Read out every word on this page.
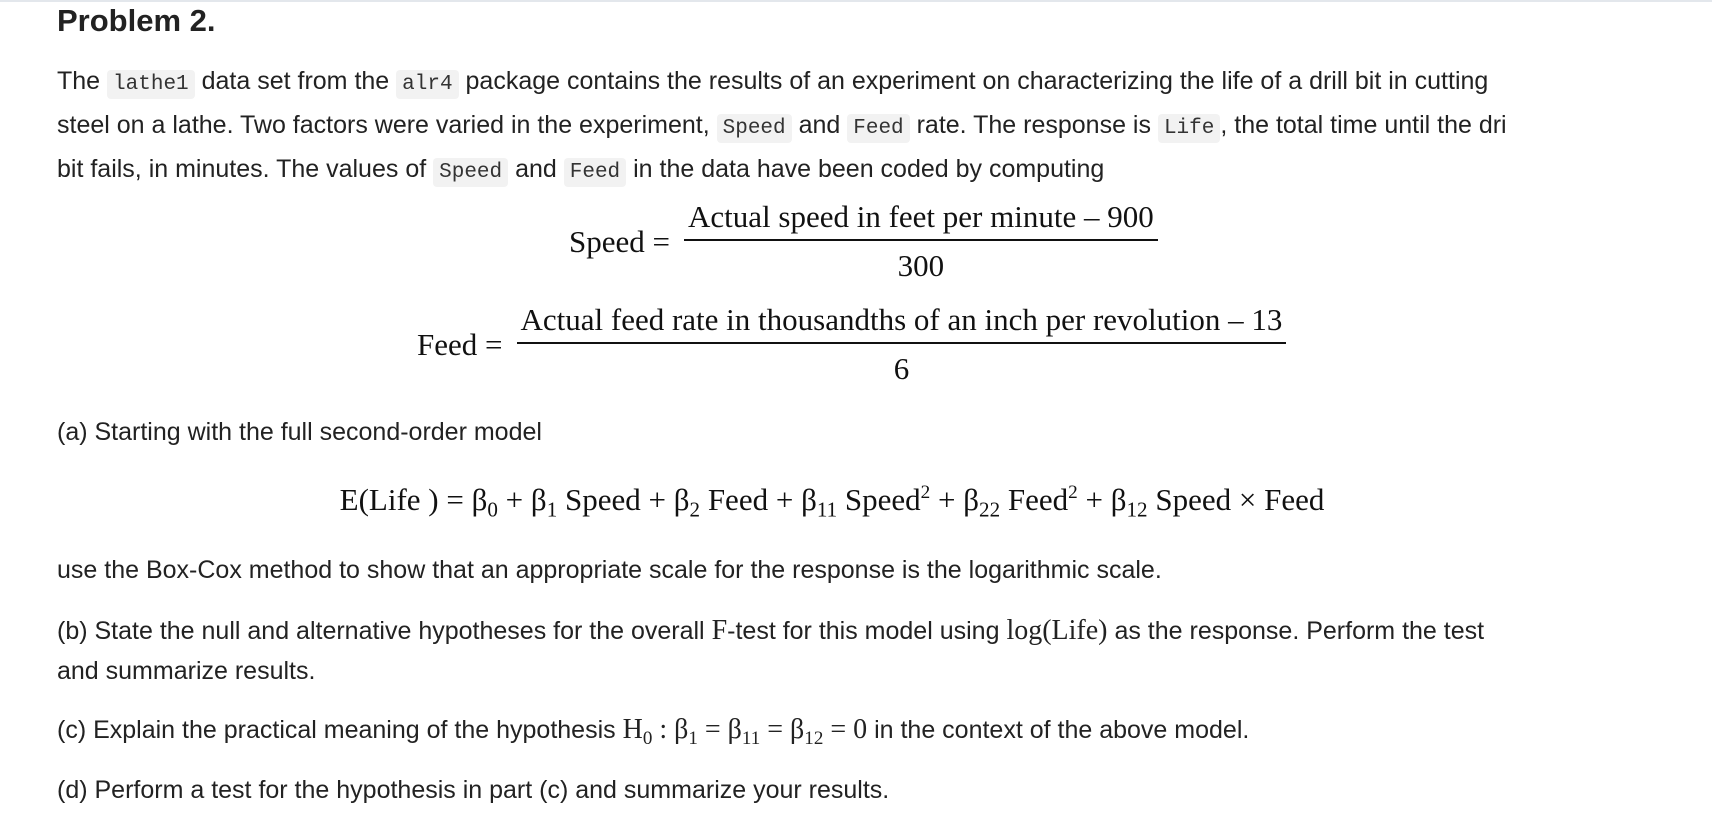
Problem 2.
The lathe1 data set from the alr4 package contains the results of an experiment on characterizing the life of a drill bit in cutting
steel on a lathe. Two factors were varied in the experiment, Speed and Feed rate. The response is Life , the total time until the dri
bit fails, in minutes. The values of Speed and Feed in the data have been coded by computing
Speed = $\frac{\text{Actual speed in feet per minute – 900}}{300}$
Feed =
Actual feed rate in thousandths of an inch per revolution – 13
6
(a) Starting with the full second-order model
E(Life ) = $\beta_0 + \beta_1$ Speed + $\beta_2$ Feed + $\beta_{11}$ Speed$^2$ + $\beta_{22}$ Feed$^2$ + $\beta_{12}$ Speed × Feed
use the Box-Cox method to show that an appropriate scale for the response is the logarithmic scale.
(b) State the null and alternative hypotheses for the overall F-test for this model using log(Life) as the response. Perform the test
and summarize results.
(c) Explain the practical meaning of the hypothesis $H_0$ : $\beta_1 = \beta_{11} = \beta_{12} = 0$ in the context of the above model.
(d) Perform a test for the hypothesis in part (c) and summarize your results.
